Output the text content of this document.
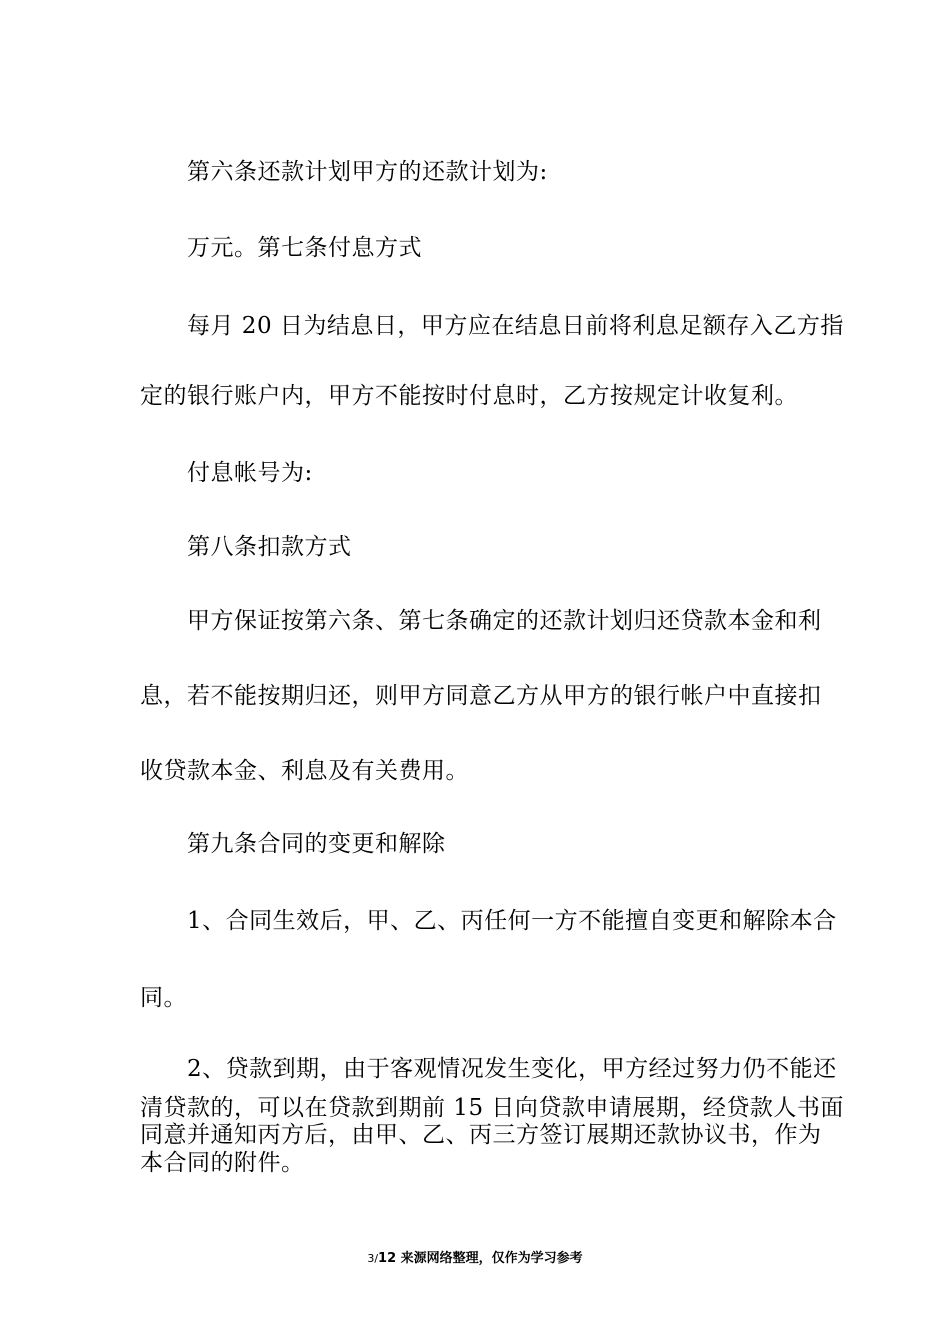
第六条还款计划甲方的还款计划为:
万元。第七条付息方式
每月 20 日为结息日，甲方应在结息日前将利息足额存入乙方指
定的银行账户内，甲方不能按时付息时，乙方按规定计收复利。
付息帐号为:
第八条扣款方式
甲方保证按第六条、第七条确定的还款计划归还贷款本金和利
息，若不能按期归还，则甲方同意乙方从甲方的银行帐户中直接扣
收贷款本金、利息及有关费用。
第九条合同的变更和解除
1、合同生效后，甲、乙、丙任何一方不能擅自变更和解除本合
同。
2、贷款到期，由于客观情况发生变化，甲方经过努力仍不能还
清贷款的，可以在贷款到期前 15 日向贷款申请展期，经贷款人书面
同意并通知丙方后，由甲、乙、丙三方签订展期还款协议书，作为
本合同的附件。
3/12 来源网络整理，仅作为学习参考
